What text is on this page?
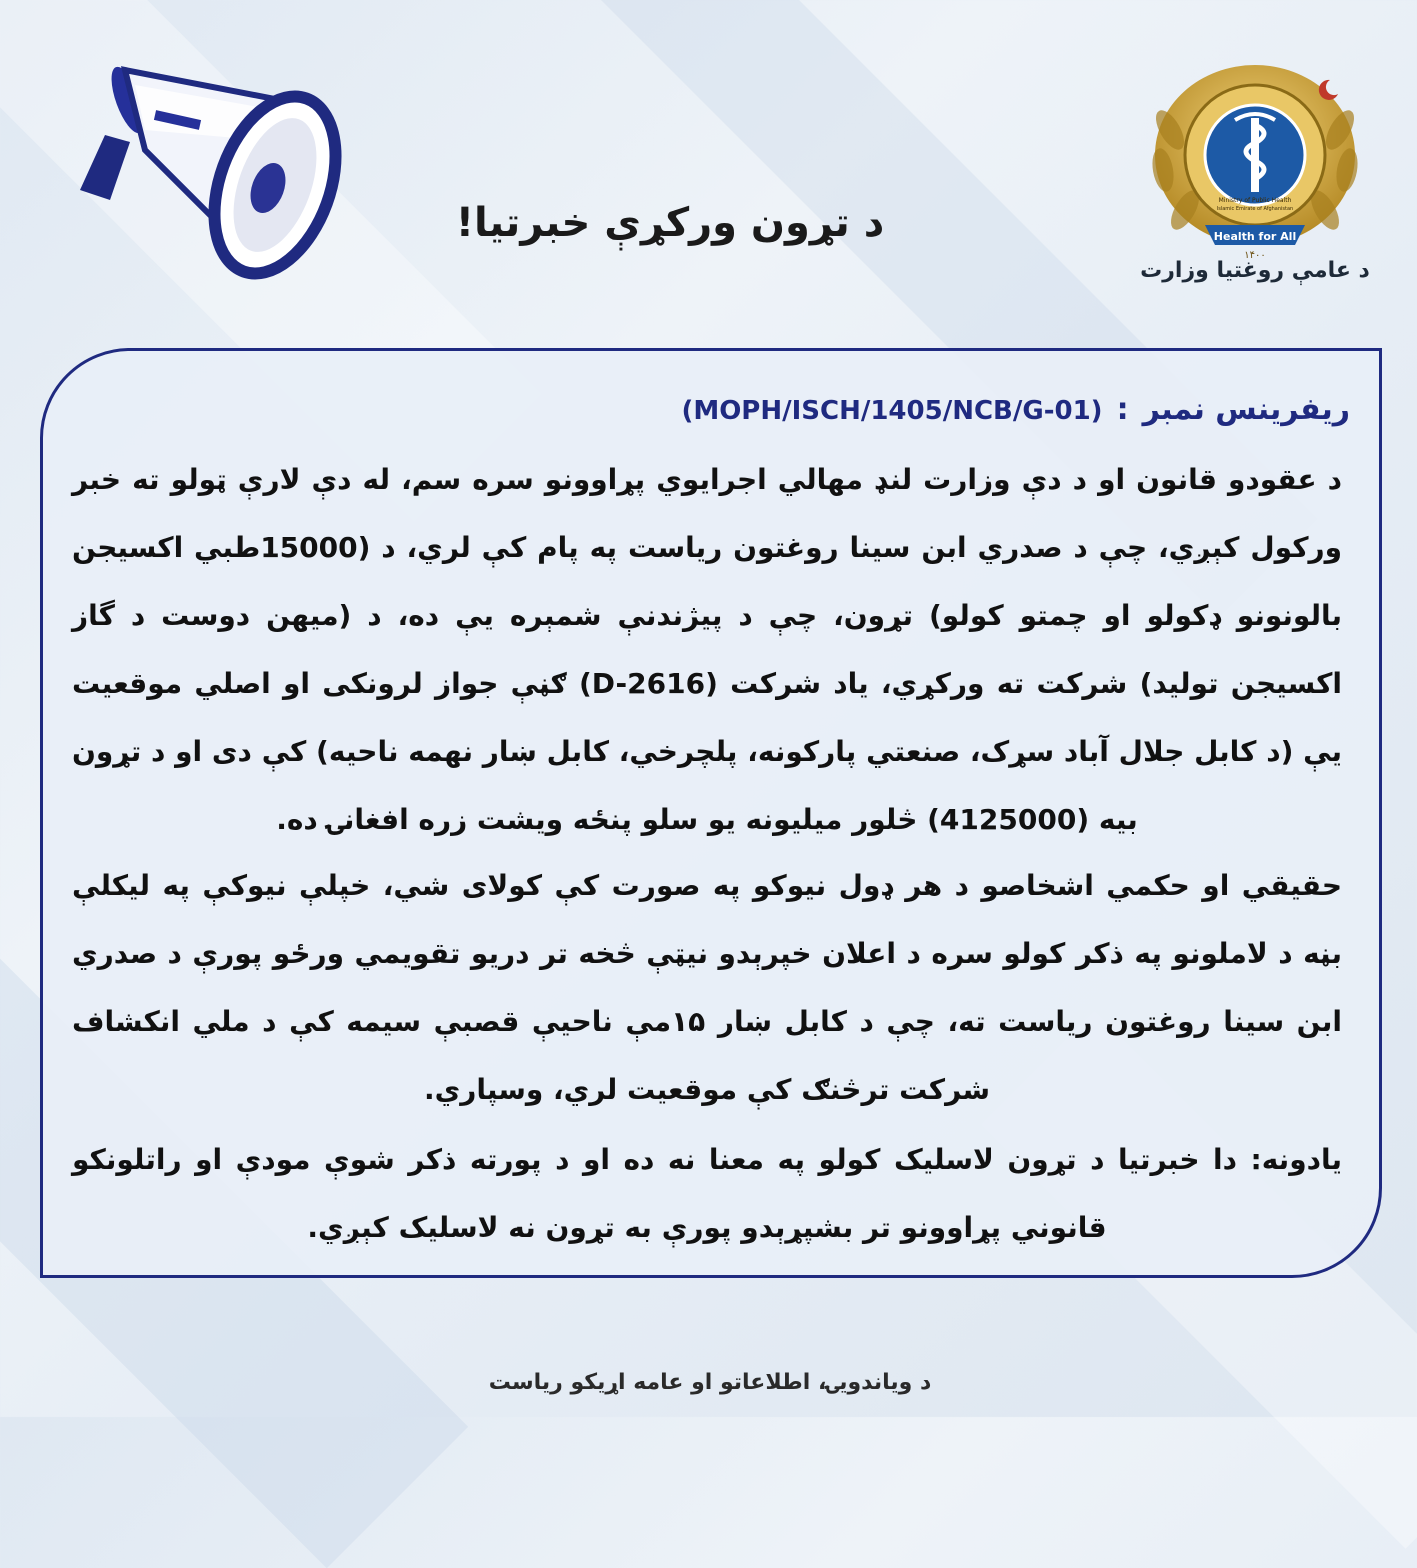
Health for All
۱۴۰۰
Ministry of Public Health
Islamic Emirate of Afghanistan
د عامې روغتیا وزارت
د تړون ورکړې خبرتیا!
ریفرینس نمبر:(MOPH/ISCH/1405/NCB/G-01)
د عقودو قانون او د دې وزارت لنډ مهالي اجرايوي پړاوونو سره سم، له دې لارې ټولو ته خبر ورکول کېږي، چې د صدري ابن سینا روغتون ریاست په پام کې لري، د (15000طبي اکسیجن بالونونو ډکولو او چمتو کولو) تړون، چې د پیژندنې شمېره يې ده، د (میهن دوست د گاز اکسیجن تولید) شرکت ته ورکړي، یاد شرکت (D-2616) ګڼې جواز لرونکی او اصلي موقعیت يې (د کابل جلال آباد سړک، صنعتي پارکونه، پلچرخي، کابل ښار نهمه ناحیه) کې دی او د تړون بیه (4125000) څلور میلیونه یو سلو پنځه ویشت زره افغانۍ ده.
حقیقي او حکمي اشخاصو د هر ډول نیوکو په صورت کې کولای شي، خپلې نیوکې په لیکلې بڼه د لاملونو په ذکر کولو سره د اعلان خپرېدو نیټې څخه تر دریو تقویمي ورځو پورې د صدري ابن سینا روغتون ریاست ته، چې د کابل ښار ۱۵مې ناحیې قصبې سیمه کې د ملي انکشاف شرکت ترڅنګ کې موقعیت لري، وسپاري.
یادونه: دا خبرتیا د تړون لاسلیک کولو په معنا نه ده او د پورته ذکر شوې مودې او راتلونکو قانوني پړاوونو تر بشپړېدو پورې به تړون نه لاسلیک کېږي.
د ویاندویۍ، اطلاعاتو او عامه اړیکو ریاست
